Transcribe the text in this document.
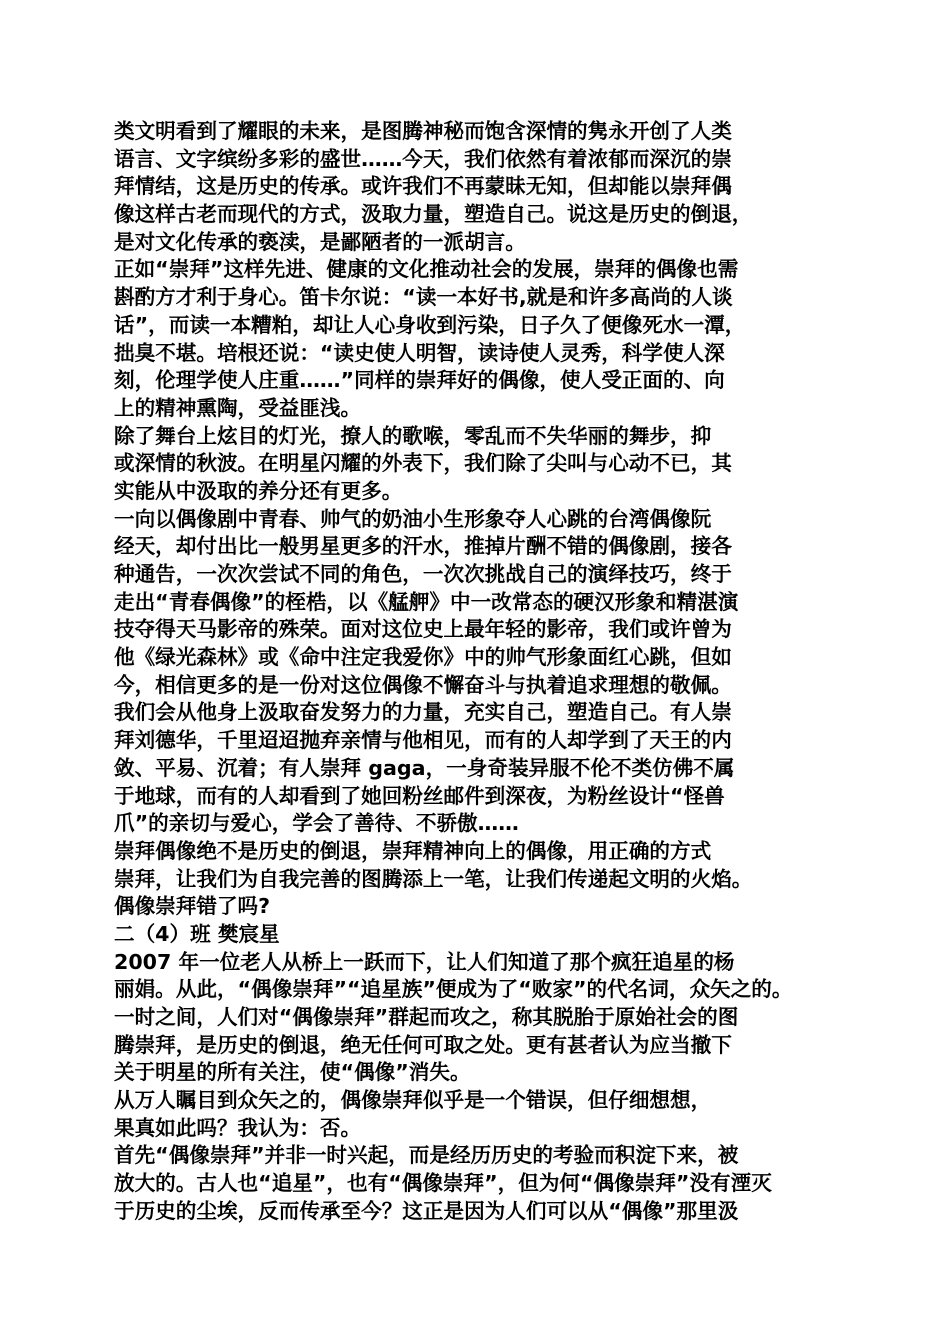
类文明看到了耀眼的未来，是图腾神秘而饱含深情的隽永开创了人类
语言、文字缤纷多彩的盛世……今天，我们依然有着浓郁而深沉的崇
拜情结，这是历史的传承。或许我们不再蒙昧无知，但却能以崇拜偶
像这样古老而现代的方式，汲取力量，塑造自己。说这是历史的倒退，
是对文化传承的亵渎，是鄙陋者的一派胡言。
正如“崇拜”这样先进、健康的文化推动社会的发展，崇拜的偶像也需
斟酌方才利于身心。笛卡尔说：“读一本好书,就是和许多高尚的人谈
话”，而读一本糟粕，却让人心身收到污染，日子久了便像死水一潭，
拙臭不堪。培根还说：“读史使人明智，读诗使人灵秀，科学使人深
刻，伦理学使人庄重……”同样的崇拜好的偶像，使人受正面的、向
上的精神熏陶，受益匪浅。
除了舞台上炫目的灯光，撩人的歌喉，零乱而不失华丽的舞步，抑
或深情的秋波。在明星闪耀的外表下，我们除了尖叫与心动不已，其
实能从中汲取的养分还有更多。
一向以偶像剧中青春、帅气的奶油小生形象夺人心跳的台湾偶像阮
经天，却付出比一般男星更多的汗水，推掉片酬不错的偶像剧，接各
种通告，一次次尝试不同的角色，一次次挑战自己的演绎技巧，终于
走出“青春偶像”的桎梏，以《艋舺》中一改常态的硬汉形象和精湛演
技夺得天马影帝的殊荣。面对这位史上最年轻的影帝，我们或许曾为
他《绿光森林》或《命中注定我爱你》中的帅气形象面红心跳，但如
今，相信更多的是一份对这位偶像不懈奋斗与执着追求理想的敬佩。
我们会从他身上汲取奋发努力的力量，充实自己，塑造自己。有人崇
拜刘德华，千里迢迢抛弃亲情与他相见，而有的人却学到了天王的内
敛、平易、沉着；有人崇拜 gaga，一身奇装异服不伦不类仿佛不属
于地球，而有的人却看到了她回粉丝邮件到深夜，为粉丝设计“怪兽
爪”的亲切与爱心，学会了善待、不骄傲……
崇拜偶像绝不是历史的倒退，崇拜精神向上的偶像，用正确的方式
崇拜，让我们为自我完善的图腾添上一笔，让我们传递起文明的火焰。
偶像崇拜错了吗?
二（4）班 樊宸星
2007 年一位老人从桥上一跃而下，让人们知道了那个疯狂追星的杨
丽娟。从此，“偶像崇拜”“追星族”便成为了“败家”的代名词，众矢之的。
一时之间，人们对“偶像崇拜”群起而攻之，称其脱胎于原始社会的图
腾崇拜，是历史的倒退，绝无任何可取之处。更有甚者认为应当撤下
关于明星的所有关注，使“偶像”消失。
从万人瞩目到众矢之的，偶像崇拜似乎是一个错误，但仔细想想，
果真如此吗？我认为：否。
首先“偶像崇拜”并非一时兴起，而是经历历史的考验而积淀下来，被
放大的。古人也“追星”，也有“偶像崇拜”，但为何“偶像崇拜”没有湮灭
于历史的尘埃，反而传承至今？这正是因为人们可以从“偶像”那里汲
